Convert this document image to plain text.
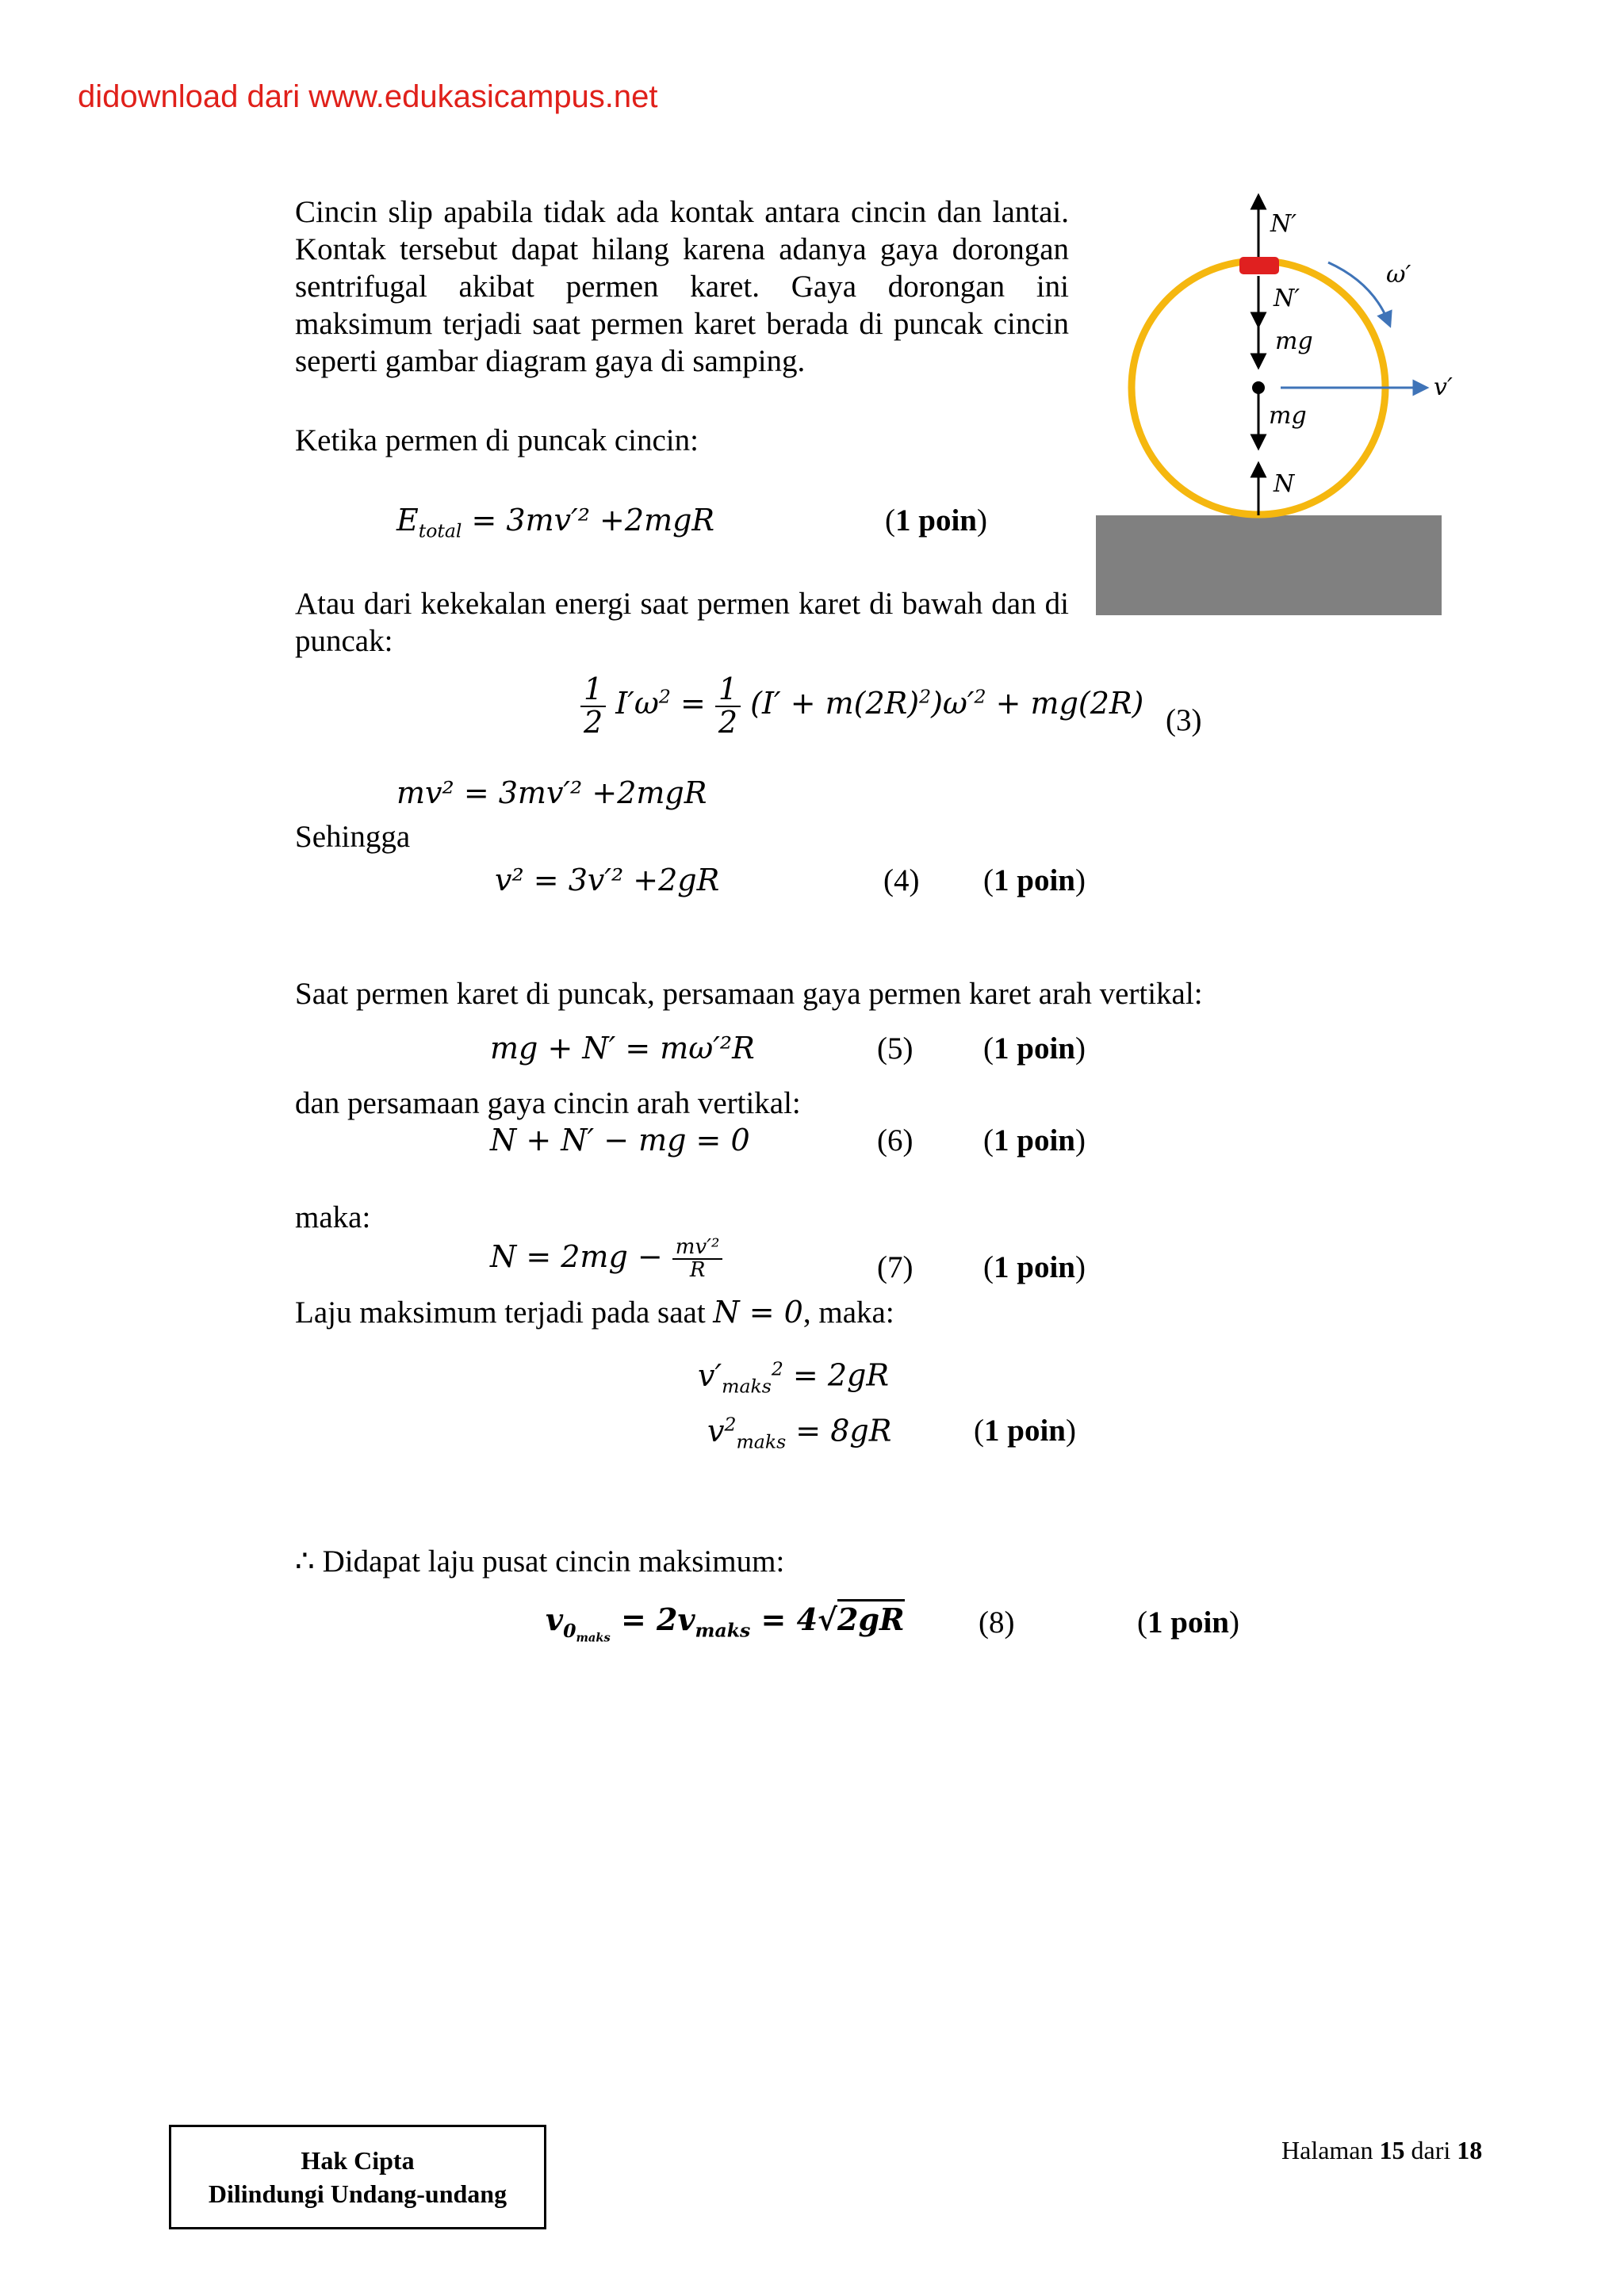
didownload dari www.edukasicampus.net
Cincin slip apabila tidak ada kontak antara cincin dan lantai. Kontak tersebut dapat hilang karena adanya gaya dorongan sentrifugal akibat permen karet. Gaya dorongan ini maksimum terjadi saat permen karet berada di puncak cincin seperti gambar diagram gaya di samping.
N′
N′
mg
mg
N
ω′
v′
Ketika permen di puncak cincin:
$E_{total} = 3mv'^2 +2mgR$	(1 poin)
Atau dari kekekalan energi saat permen karet di bawah dan di puncak:
$\frac{1}{2} I'\omega^2 = \frac{1}{2} (I' + m(2R)^2)\omega'^2 + mg(2R)$ (3)
mv² = 3mv′² +2mgR
Sehingga
v² = 3v′² +2gR	(4) (1 poin)
Saat permen karet di puncak, persamaan gaya permen karet arah vertikal:
mg + N′ = mω′²R	(5) (1 poin)
dan persamaan gaya cincin arah vertikal:
N + N′ − mg = 0	(6) (1 poin)
maka:
$N = 2mg - \frac{\text{mv′²}}{R}$	(7) (1 poin)
Laju maksimum terjadi pada saat N = 0, maka:
$v'_{maks}^2 = 2gR$
$v^2_{maks} = 8gR$	(1 poin)
∴ Didapat laju pusat cincin maksimum:
$v_{0_{maks}} = 2v_{maks} = 4√2gR$ (8)	(1 poin)
Hak Cipta
Dilindungi Undang-undang
Halaman 15 dari 18
